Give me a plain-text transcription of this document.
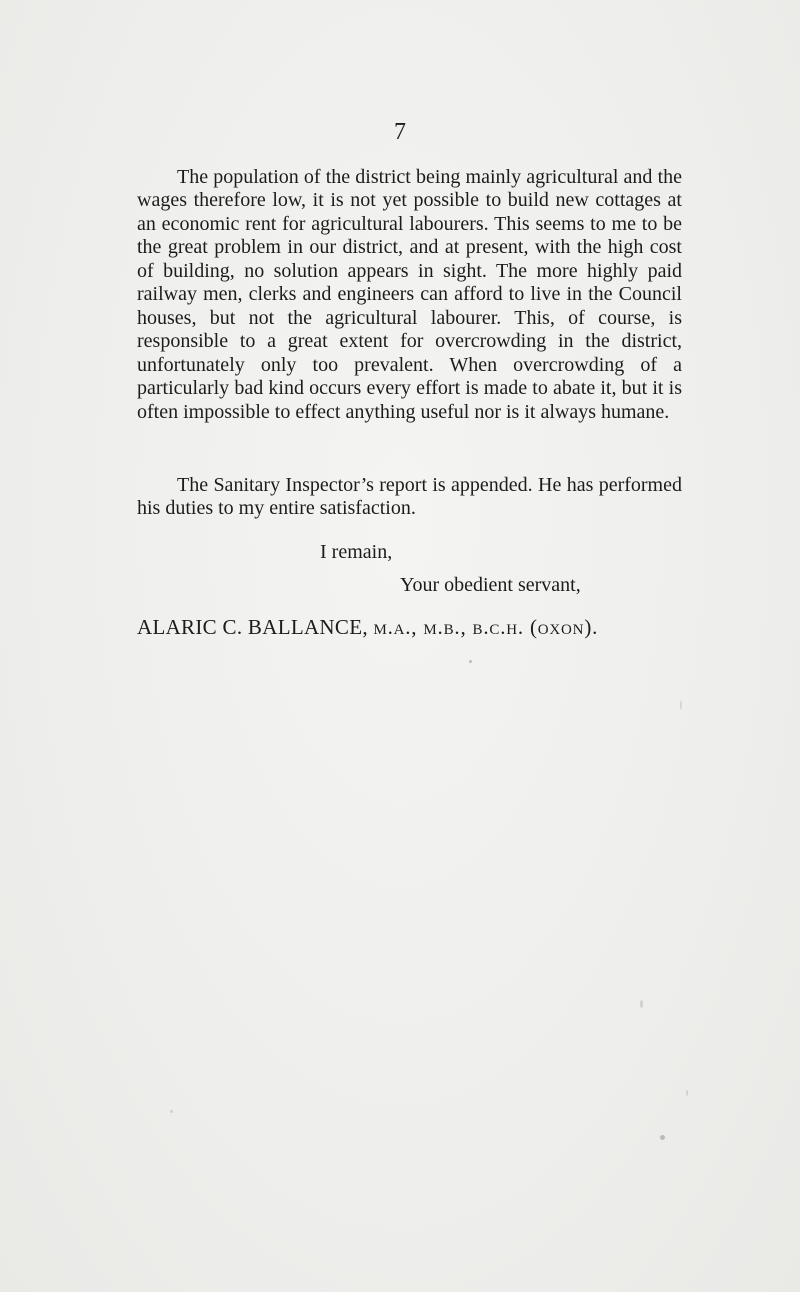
7

The population of the district being mainly agricultural and the wages therefore low, it is not yet possible to build new cottages at an economic rent for agricultural labourers. This seems to me to be the great problem in our district, and at present, with the high cost of building, no solution appears in sight. The more highly paid railway men, clerks and engineers can afford to live in the Council houses, but not the agricultural labourer. This, of course, is responsible to a great extent for overcrowding in the district, unfortunately only too prevalent. When overcrowding of a particularly bad kind occurs every effort is made to abate it, but it is often impossible to effect anything useful nor is it always humane.

The Sanitary Inspector’s report is appended. He has performed his duties to my entire satisfaction.

I remain,
Your obedient servant,
ALARIC C. BALLANCE, m.a., m.b., b.c.h. (oxon).
